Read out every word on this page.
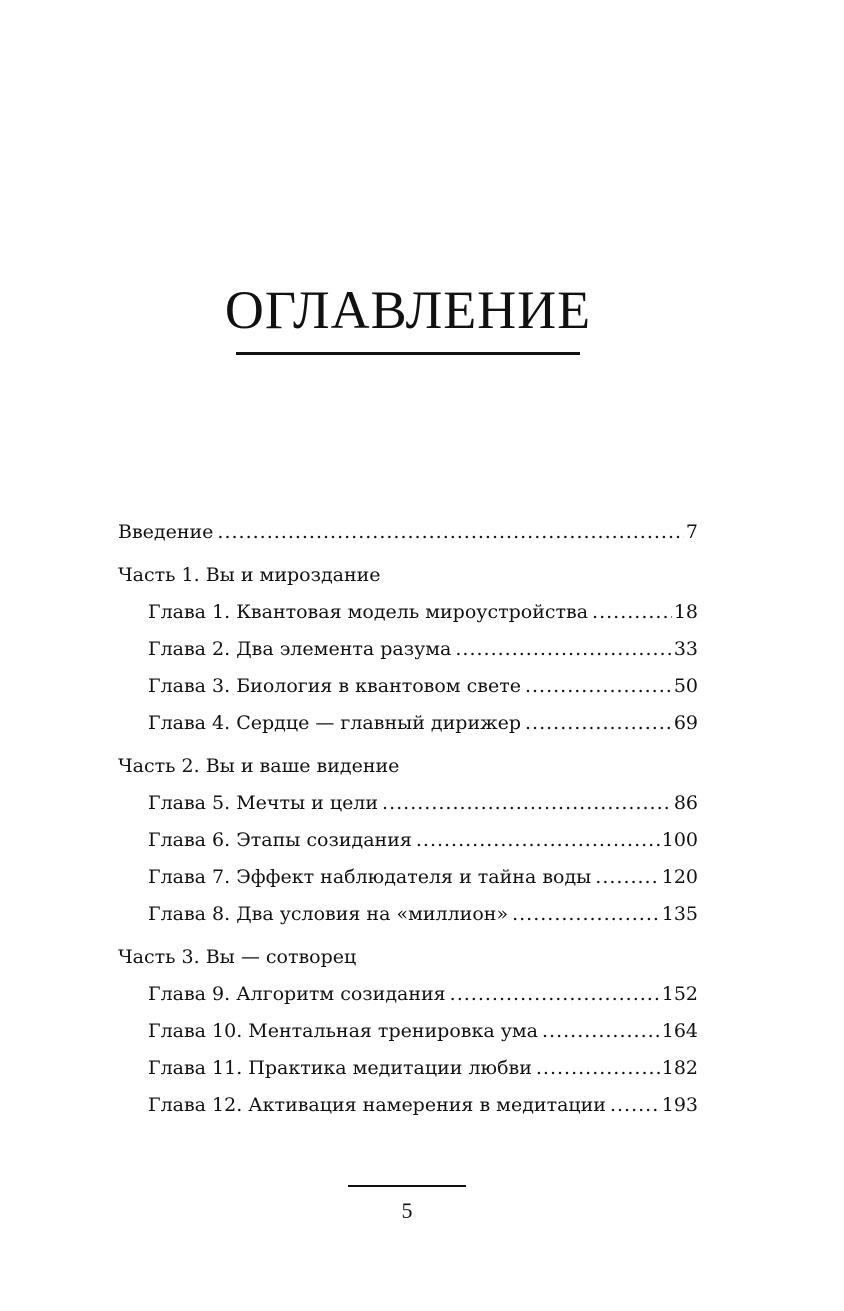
ОГЛАВЛЕНИЕ
Введение .....	7
Часть 1. Вы и мироздание
Глава 1. Квантовая модель мироустройства .....	18
Глава 2. Два элемента разума .....	33
Глава 3. Биология в квантовом свете .....	50
Глава 4. Сердце — главный дирижер .....	69
Часть 2. Вы и ваше видение
Глава 5. Мечты и цели .....	86
Глава 6. Этапы созидания .....	100
Глава 7. Эффект наблюдателя и тайна воды .....	120
Глава 8. Два условия на «миллион» .....	135
Часть 3. Вы — сотворец
Глава 9. Алгоритм созидания .....	152
Глава 10. Ментальная тренировка ума .....	164
Глава 11. Практика медитации любви .....	182
Глава 12. Активация намерения в медитации .....	193
5
